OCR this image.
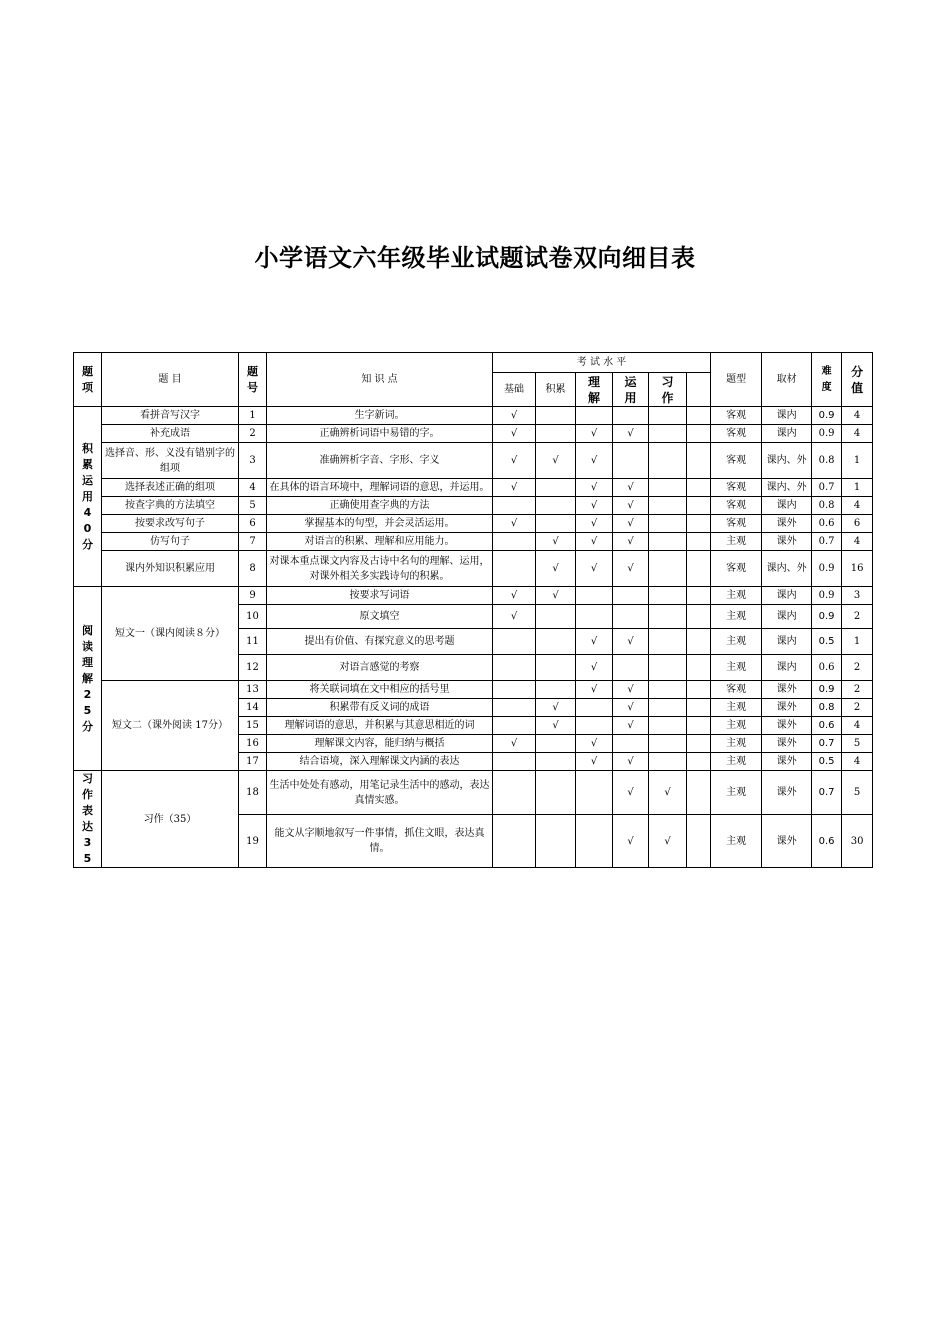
小学语文六年级毕业试题试卷双向细目表
题项	题 目	题号	知 识 点	考 试 水 平						题型	取材	难度	分值

				基础	积累	理解	运用	习作					

积累运用40分	看拼音写汉字	1	生字新词。	√						客观	课内	0.9	4
	补充成语	2	正确辨析词语中易错的字。	√		√	√			客观	课内	0.9	4
	选择音、形、义没有错别字的组项	3	准确辨析字音、字形、字义	√	√	√				客观	课内、外	0.8	1
	选择表述正确的组项	4	在具体的语言环境中，理解词语的意思，并运用。	√		√	√			客观	课内、外	0.7	1
	按查字典的方法填空	5	正确使用查字典的方法			√	√			客观	课内	0.8	4
	按要求改写句子	6	掌握基本的句型，并会灵活运用。	√		√	√			客观	课外	0.6	6
	仿写句子	7	对语言的积累、理解和应用能力。		√	√	√			主观	课外	0.7	4
	课内外知识积累应用	8	对课本重点课文内容及古诗中名句的理解、运用，对课外相关多实践诗句的积累。		√	√	√			客观	课内、外	0.9	16

阅读理解25分	短文一（课内阅读８分）	9	按要求写词语	√	√					主观	课内	0.9	3
		10	原文填空	√						主观	课内	0.9	2
		11	提出有价值、有探究意义的思考题			√	√			主观	课内	0.5	1
		12	对语言感觉的考察			√				主观	课内	0.6	2
	短文二（课外阅读 17分）	13	将关联词填在文中相应的括号里			√	√			客观	课外	0.9	2
		14	积累带有反义词的成语		√		√			主观	课外	0.8	2
		15	理解词语的意思，并积累与其意思相近的词		√		√			主观	课外	0.6	4
		16	理解课文内容，能归纳与概括	√		√				主观	课外	0.7	5
		17	结合语境，深入理解课文内涵的表达			√	√			主观	课外	0.5	4

习作表达35	习作（35）	18	生活中处处有感动，用笔记录生活中的感动，表达真情实感。				√	√		主观	课外	0.7	5
		19	能文从字顺地叙写一件事情，抓住文眼，表达真情。				√	√		主观	课外	0.6	30
